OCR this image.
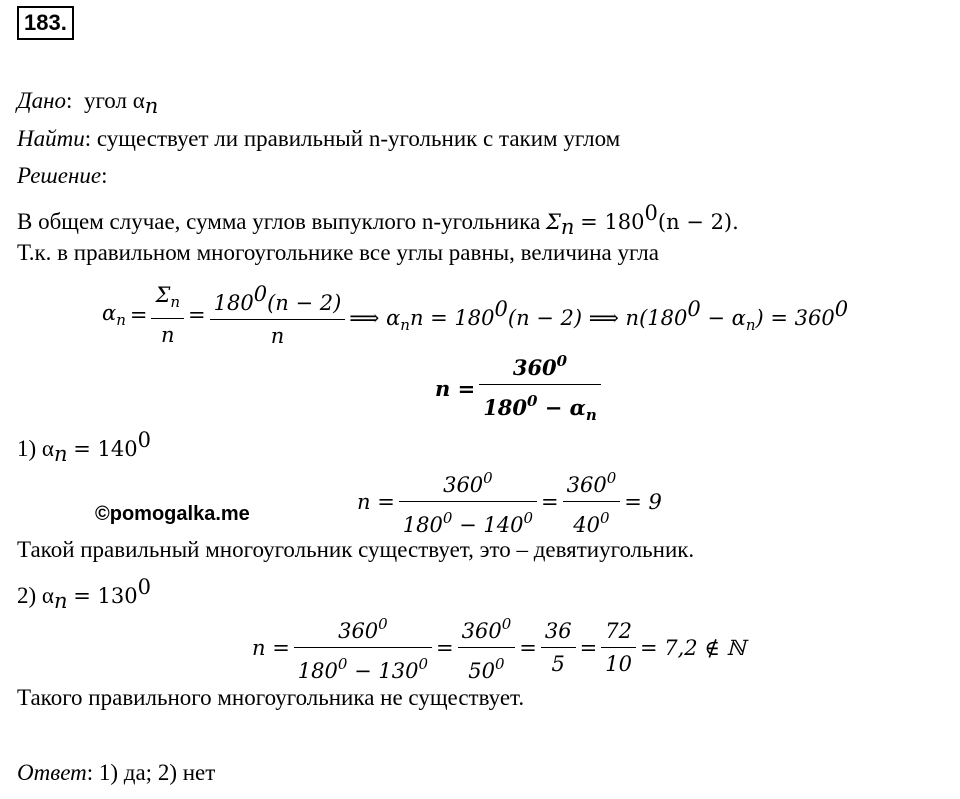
183.
Дано:  угол $\alpha_n$
Найти: существует ли правильный n-угольник с таким углом
Решение:
В общем случае, сумма углов выпуклого n-угольника $\Sigma_n = 180^0(n - 2)$.
Т.к. в правильном многоугольнике все углы равны, величина угла
$\alpha_n = \frac{\Sigma_n}{n} = \frac{180^0(n - 2)}{n}$ ⟹ $\alpha_nn = 180^0(n - 2)$ ⟹ $n(180^0 - \alpha_n) = 360^0$
$n = \frac{360^0}{180^0 - \alpha_n}$
1) $\alpha_n = 140^0$
©pomogalka.me
$n = \frac{360^0}{180^0 - 140^0} = \frac{360^0}{40^0} = 9$
Такой правильный многоугольник существует, это – девятиугольник.
2) $\alpha_n = 130^0$
$n = \frac{360^0}{180^0 - 130^0} = \frac{360^0}{50^0} = \frac{36}{5} = \frac{72}{10} = 7,2$ ∉ ℕ
Такого правильного многоугольника не существует.
Ответ: 1) да; 2) нет
